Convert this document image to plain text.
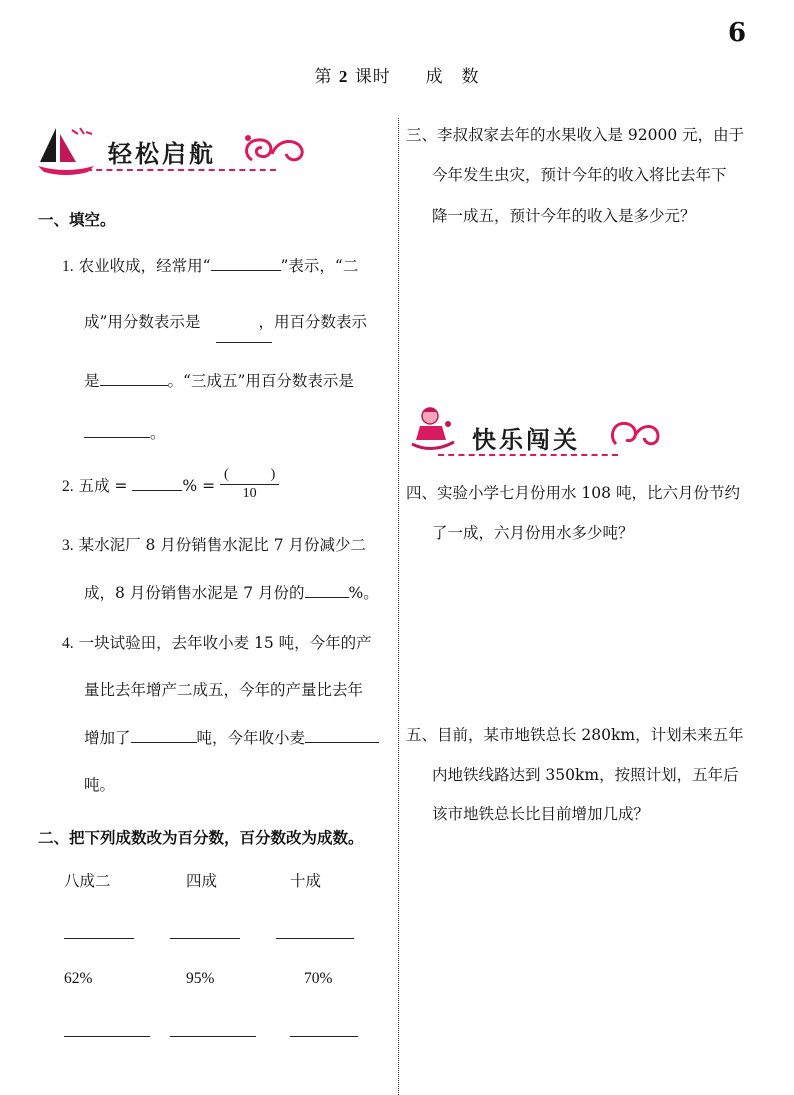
6
第 2 课时 成　数
轻松启航
一、填空。
1. 农业收成，经常用“	”表示，“二
成”用分数表示是	，用百分数表示
是	。“三成五”用百分数表示是
。
2. 五成 =	% = $\frac{( )}{10}$
3. 某水泥厂 8 月份销售水泥比 7 月份减少二
成，8 月份销售水泥是 7 月份的	%。
4. 一块试验田，去年收小麦 15 吨，今年的产
量比去年增产二成五，今年的产量比去年
增加了	吨，今年收小麦
吨。
二、把下列成数改为百分数，百分数改为成数。
八成二	四成	十成
62%	95%	70%
三、李叔叔家去年的水果收入是 92000 元，由于
今年发生虫灾，预计今年的收入将比去年下
降一成五，预计今年的收入是多少元？
快乐闯关
四、实验小学七月份用水 108 吨，比六月份节约
了一成，六月份用水多少吨？
五、目前，某市地铁总长 280km，计划未来五年
内地铁线路达到 350km，按照计划，五年后
该市地铁总长比目前增加几成？
